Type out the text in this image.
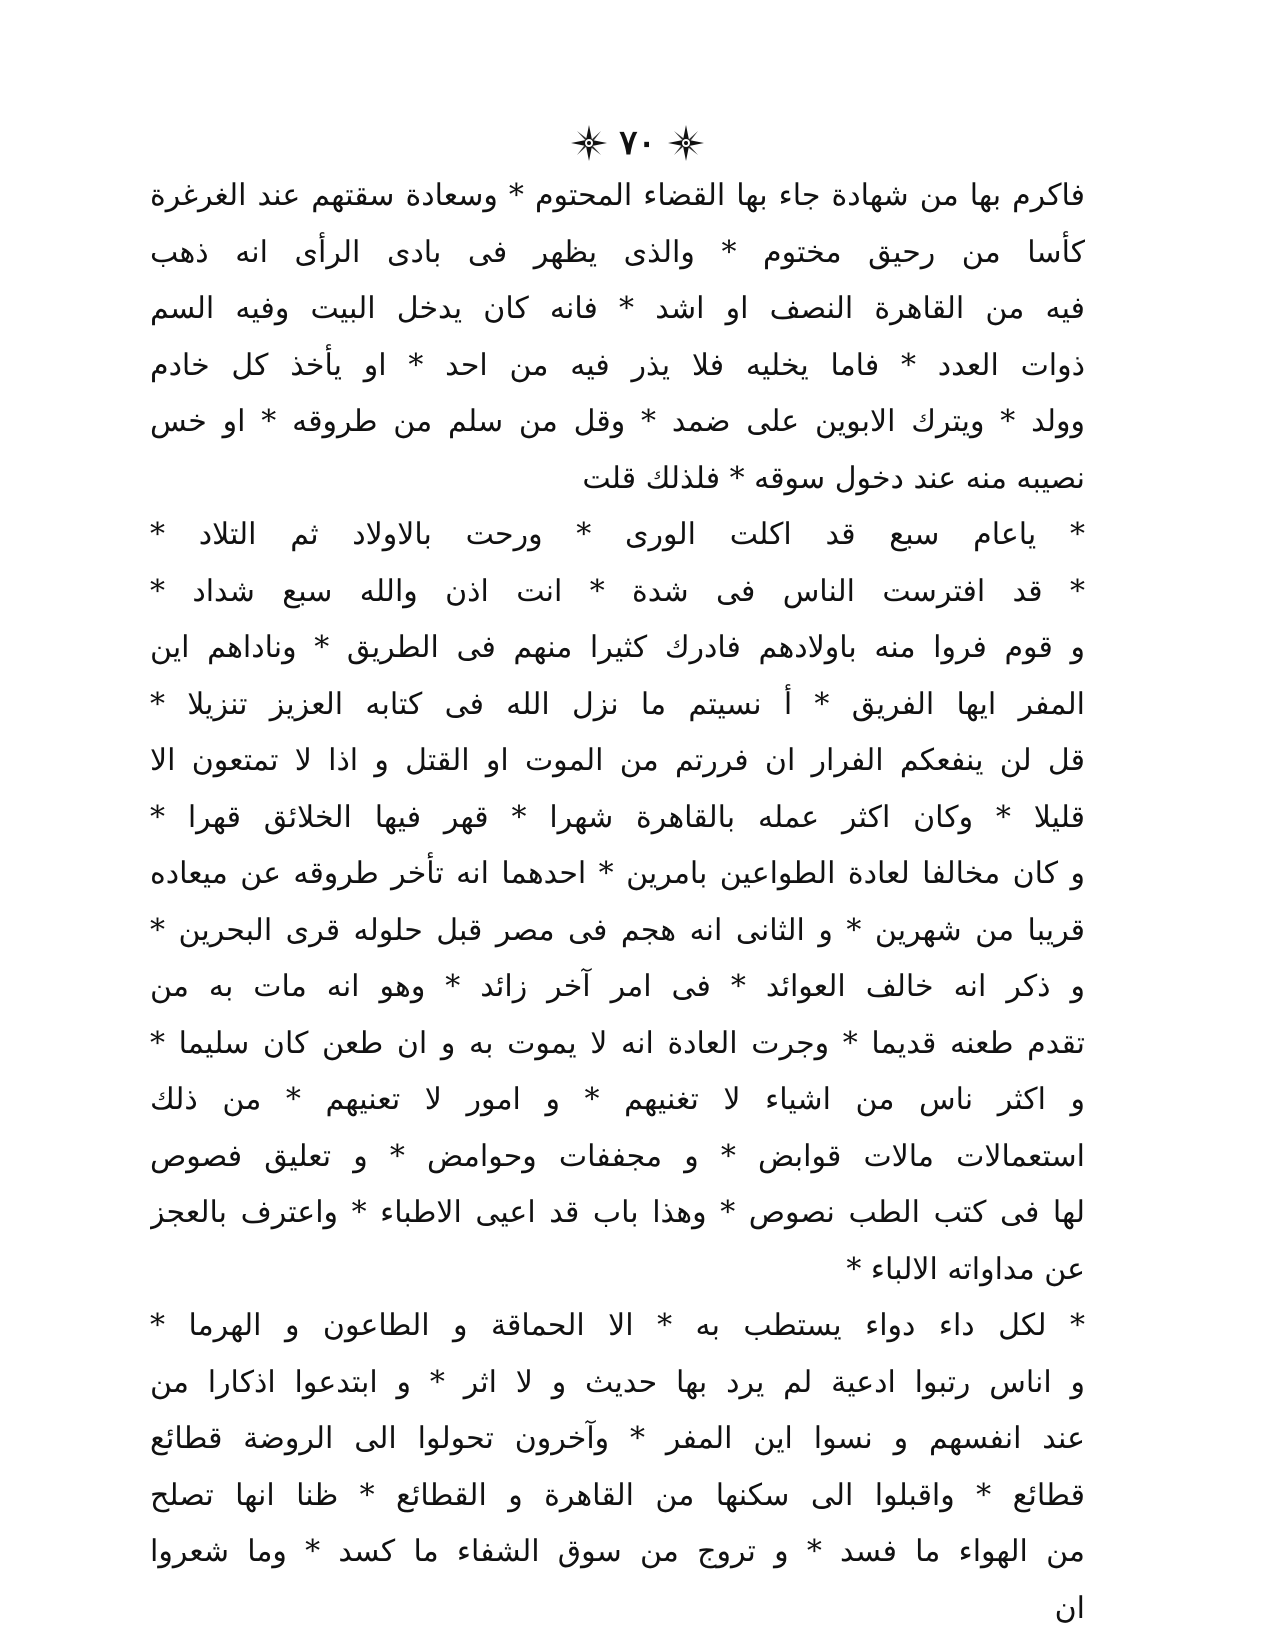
٧٠
فاكرم بها من شهادة جاء بها القضاء المحتوم * وسعادة سقتهم عند الغرغرة
كأسا من رحيق مختوم * والذى يظهر فى بادى الرأى انه ذهب
فيه من القاهرة النصف او اشد * فانه كان يدخل البيت وفيه السم
ذوات العدد * فاما يخليه فلا يذر فيه من احد * او يأخذ كل خادم
وولد * ويترك الابوين على ضمد * وقل من سلم من طروقه * او خس
نصيبه منه عند دخول سوقه * فلذلك قلت
* ياعام سبع قد اكلت الورى * ورحت بالاولاد ثم التلاد *
* قد افترست الناس فى شدة * انت اذن والله سبع شداد *
و قوم فروا منه باولادهم فادرك كثيرا منهم فى الطريق * وناداهم اين
المفر ايها الفريق * أ نسيتم ما نزل الله فى كتابه العزيز تنزيلا *
قل لن ينفعكم الفرار ان فررتم من الموت او القتل و اذا لا تمتعون الا
قليلا * وكان اكثر عمله بالقاهرة شهرا * قهر فيها الخلائق قهرا *
و كان مخالفا لعادة الطواعين بامرين * احدهما انه تأخر طروقه عن ميعاده
قريبا من شهرين * و الثانى انه هجم فى مصر قبل حلوله قرى البحرين *
و ذكر انه خالف العوائد * فى امر آخر زائد * وهو انه مات به من
تقدم طعنه قديما * وجرت العادة انه لا يموت به و ان طعن كان سليما *
و اكثر ناس من اشياء لا تغنيهم * و امور لا تعنيهم * من ذلك
استعمالات مالات قوابض * و مجففات وحوامض * و تعليق فصوص
لها فى كتب الطب نصوص * وهذا باب قد اعيى الاطباء * واعترف بالعجز
عن مداواته الالباء *
* لكل داء دواء يستطب به * الا الحماقة و الطاعون و الهرما *
و اناس رتبوا ادعية لم يرد بها حديث و لا اثر * و ابتدعوا اذكارا من
عند انفسهم و نسوا اين المفر * وآخرون تحولوا الى الروضة قطائع
قطائع * واقبلوا الى سكنها من القاهرة و القطائع * ظنا انها تصلح
من الهواء ما فسد * و تروج من سوق الشفاء ما كسد * وما شعروا
ان
